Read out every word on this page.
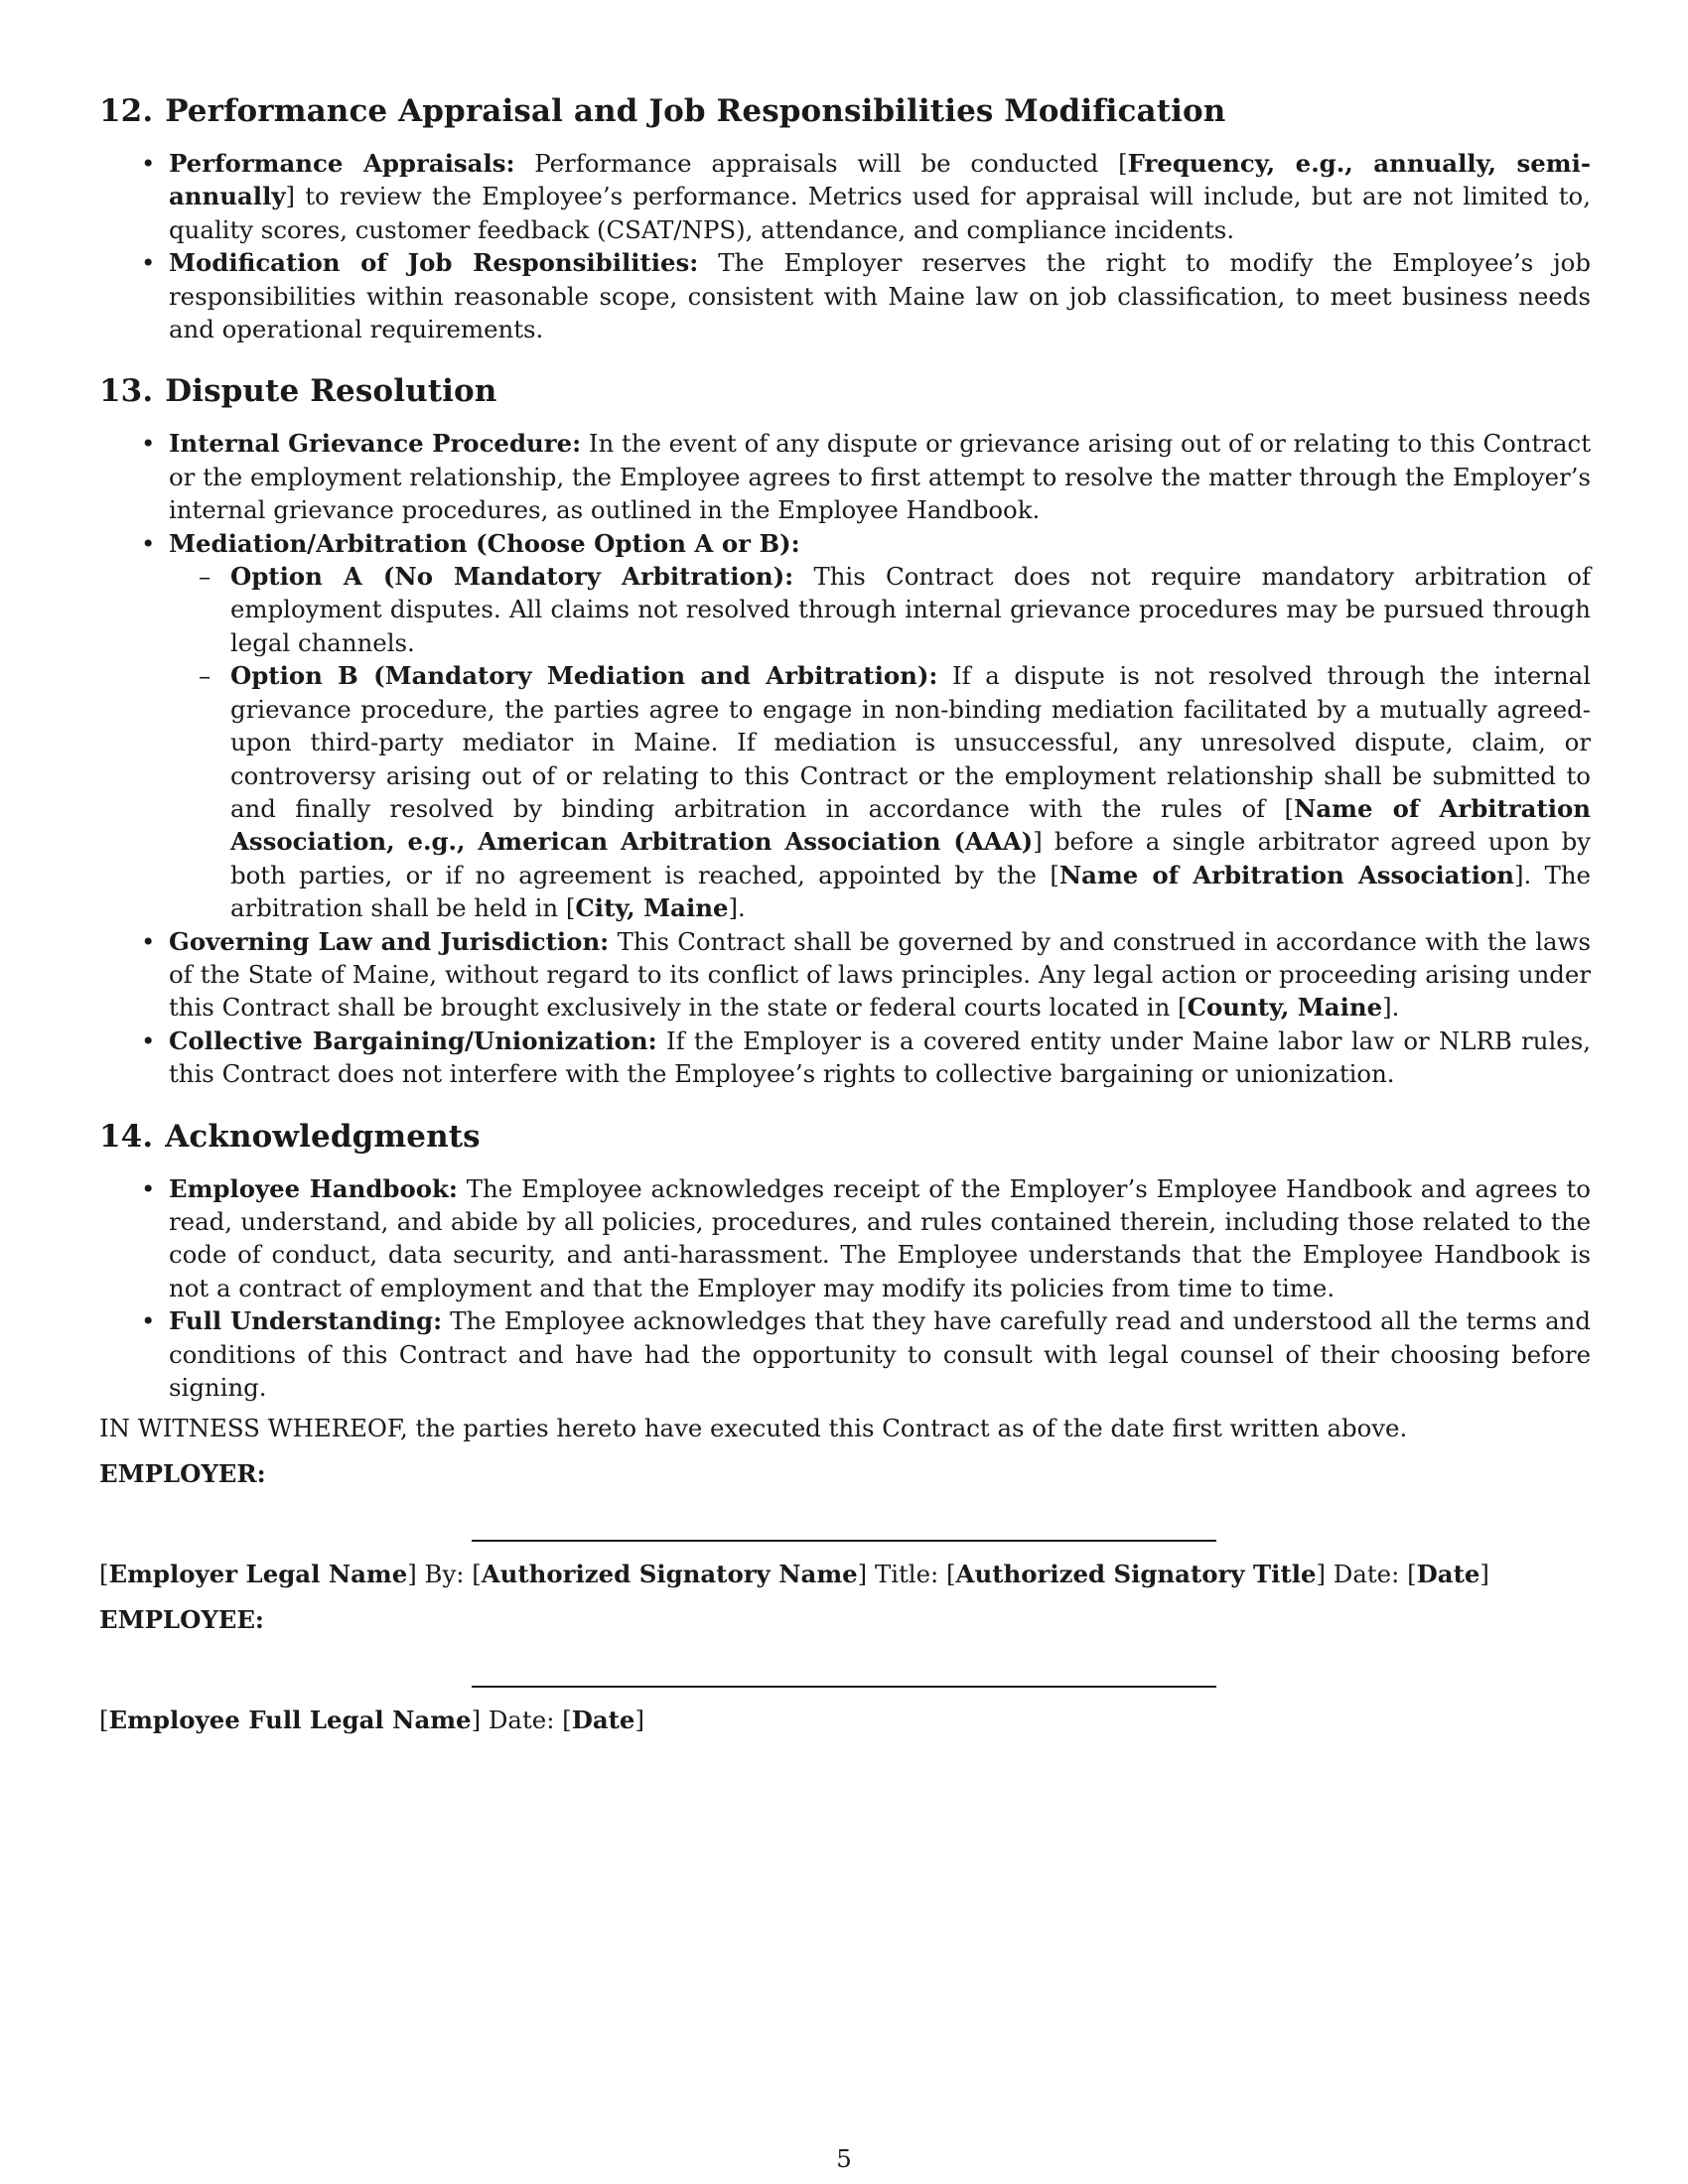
12. Performance Appraisal and Job Responsibilities Modification
• Performance Appraisals: Performance appraisals will be conducted [Frequency, e.g., annually, semi-annually] to review the Employee’s performance. Metrics used for appraisal will include, but are not limited to, quality scores, customer feedback (CSAT/NPS), attendance, and compliance incidents.
• Modification of Job Responsibilities: The Employer reserves the right to modify the Employee’s job responsibilities within reasonable scope, consistent with Maine law on job classification, to meet business needs and operational requirements.
13. Dispute Resolution
• Internal Grievance Procedure: In the event of any dispute or grievance arising out of or relating to this Contract or the employment relationship, the Employee agrees to first attempt to resolve the matter through the Employer’s internal grievance procedures, as outlined in the Employee Handbook.
• Mediation/Arbitration (Choose Option A or B):
– Option A (No Mandatory Arbitration): This Contract does not require mandatory arbitration of employment disputes. All claims not resolved through internal grievance procedures may be pursued through legal channels.
– Option B (Mandatory Mediation and Arbitration): If a dispute is not resolved through the internal grievance procedure, the parties agree to engage in non-binding mediation facilitated by a mutually agreed-upon third-party mediator in Maine. If mediation is unsuccessful, any unresolved dispute, claim, or controversy arising out of or relating to this Contract or the employment relationship shall be submitted to and finally resolved by binding arbitration in accordance with the rules of [Name of Arbitration Association, e.g., American Arbitration Association (AAA)] before a single arbitrator agreed upon by both parties, or if no agreement is reached, appointed by the [Name of Arbitration Association]. The arbitration shall be held in [City, Maine].
• Governing Law and Jurisdiction: This Contract shall be governed by and construed in accordance with the laws of the State of Maine, without regard to its conflict of laws principles. Any legal action or proceeding arising under this Contract shall be brought exclusively in the state or federal courts located in [County, Maine].
• Collective Bargaining/Unionization: If the Employer is a covered entity under Maine labor law or NLRB rules, this Contract does not interfere with the Employee’s rights to collective bargaining or unionization.
14. Acknowledgments
• Employee Handbook: The Employee acknowledges receipt of the Employer’s Employee Handbook and agrees to read, understand, and abide by all policies, procedures, and rules contained therein, including those related to the code of conduct, data security, and anti-harassment. The Employee understands that the Employee Handbook is not a contract of employment and that the Employer may modify its policies from time to time.
• Full Understanding: The Employee acknowledges that they have carefully read and understood all the terms and conditions of this Contract and have had the opportunity to consult with legal counsel of their choosing before signing.

IN WITNESS WHEREOF, the parties hereto have executed this Contract as of the date first written above.

EMPLOYER:
[Employer Legal Name] By: [Authorized Signatory Name] Title: [Authorized Signatory Title] Date: [Date]
EMPLOYEE:
[Employee Full Legal Name] Date: [Date]
5
